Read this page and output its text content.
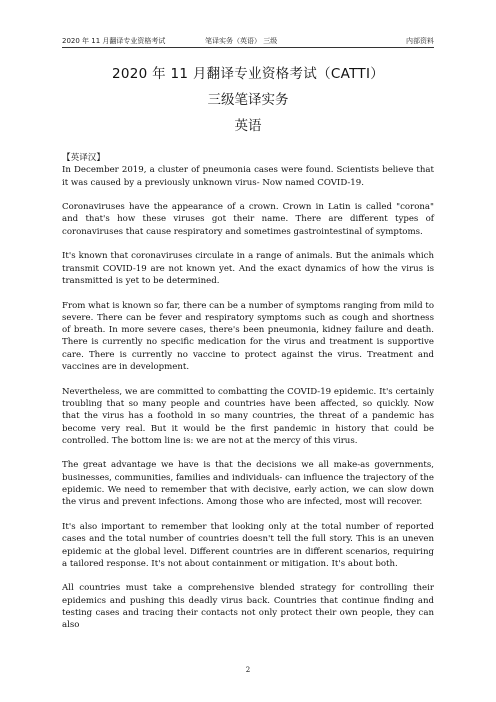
2020 年 11 月翻译专业资格考试	笔译实务（英语） 三级	内部资料
2020 年 11 月翻译专业资格考试（CATTI）
三级笔译实务
英语

【英译汉】

In December 2019, a cluster of pneumonia cases were found. Scientists believe that it was caused by a previously unknown virus- Now named COVID-19.

Coronaviruses have the appearance of a crown. Crown in Latin is called "corona" and that's how these viruses got their name. There are different types of coronaviruses that cause respiratory and sometimes gastrointestinal of symptoms.

It's known that coronaviruses circulate in a range of animals. But the animals which transmit COVID-19 are not known yet. And the exact dynamics of how the virus is transmitted is yet to be determined.

From what is known so far, there can be a number of symptoms ranging from mild to severe. There can be fever and respiratory symptoms such as cough and shortness of breath. In more severe cases, there's been pneumonia, kidney failure and death. There is currently no specific medication for the virus and treatment is supportive care. There is currently no vaccine to protect against the virus. Treatment and vaccines are in development.

Nevertheless, we are committed to combatting the COVID-19 epidemic. It's certainly troubling that so many people and countries have been affected, so quickly. Now that the virus has a foothold in so many countries, the threat of a pandemic has become very real. But it would be the first pandemic in history that could be controlled. The bottom line is: we are not at the mercy of this virus.

The great advantage we have is that the decisions we all make-as governments, businesses, communities, families and individuals- can influence the trajectory of the epidemic. We need to remember that with decisive, early action, we can slow down the virus and prevent infections. Among those who are infected, most will recover.

It's also important to remember that looking only at the total number of reported cases and the total number of countries doesn't tell the full story. This is an uneven epidemic at the global level. Different countries are in different scenarios, requiring a tailored response. It's not about containment or mitigation. It's about both.

All countries must take a comprehensive blended strategy for controlling their epidemics and pushing this deadly virus back. Countries that continue finding and testing cases and tracing their contacts not only protect their own people, they can also

2
